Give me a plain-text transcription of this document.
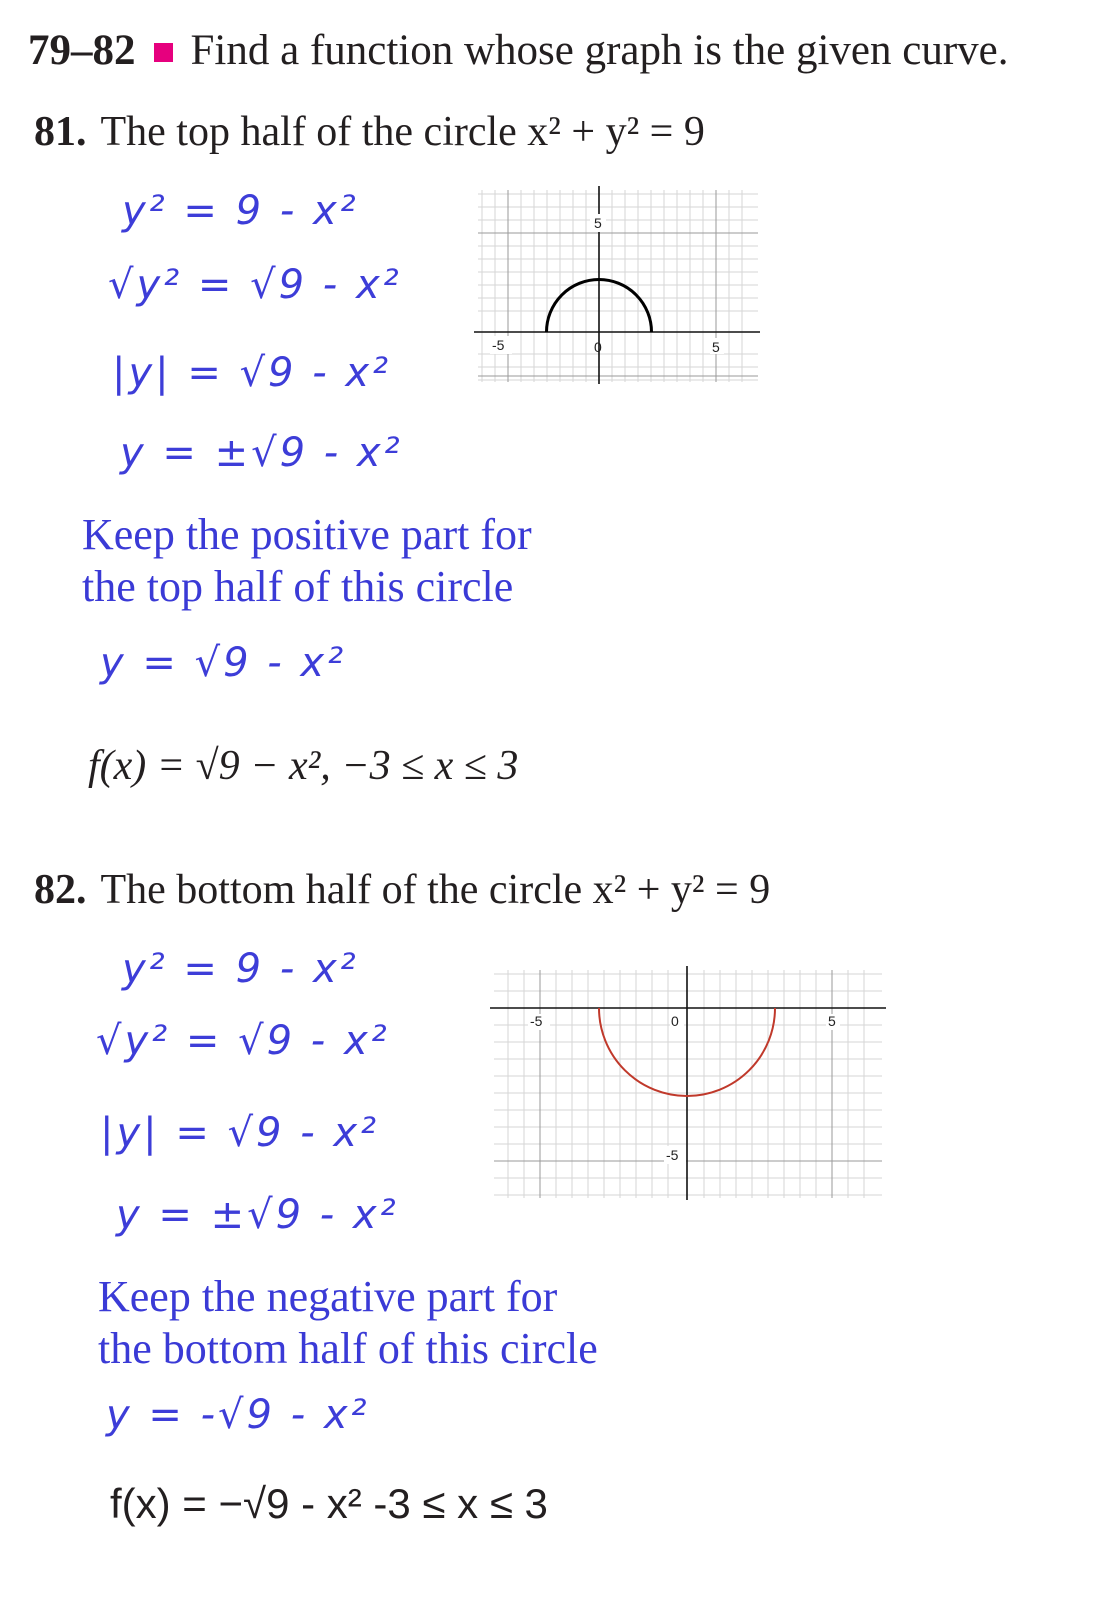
79–82 Find a function whose graph is the given curve.
81. The top half of the circle x² + y² = 9
y² = 9 - x²
√y² = √9 - x²
|y| = √9 - x²
y = ±√9 - x²
Keep the positive part for
the top half of this circle
y = √9 - x²
f(x) = √9 − x², −3 ≤ x ≤ 3
5
-5	0	5
82. The bottom half of the circle x² + y² = 9
y² = 9 - x²
√y² = √9 - x²
|y| = √9 - x²
y = ±√9 - x²
Keep the negative part for
the bottom half of this circle
y = -√9 - x²
f(x) = −√9 - x² -3 ≤ x ≤ 3
-5	0	5
-5
